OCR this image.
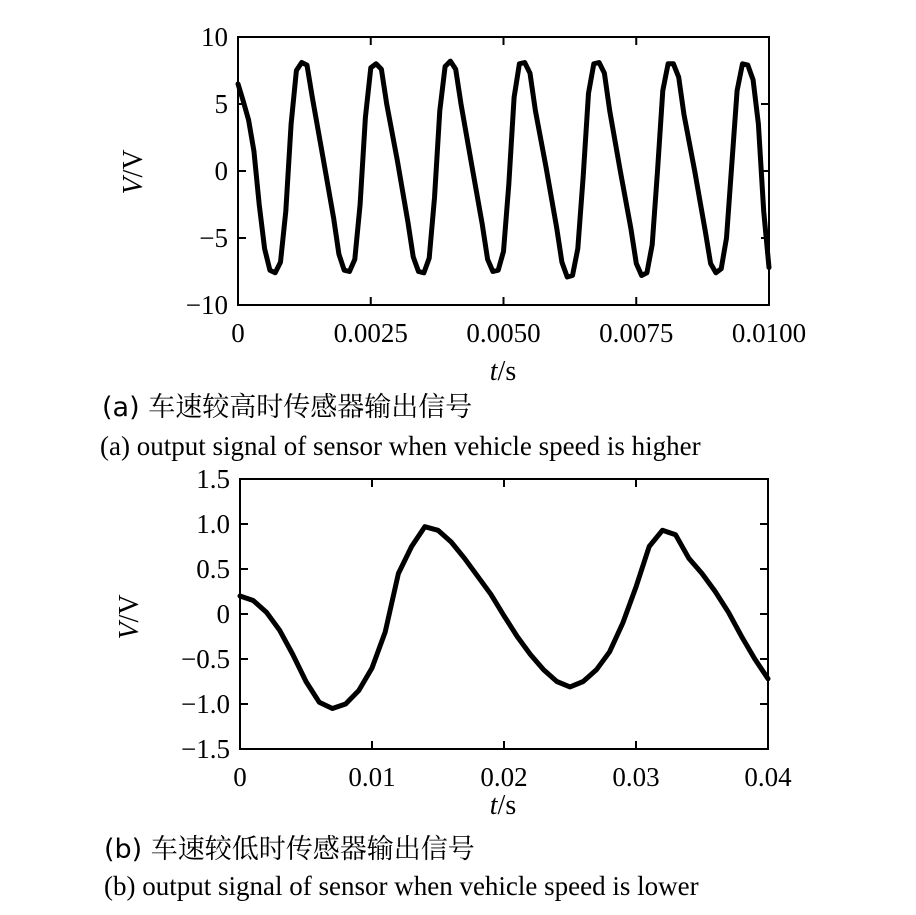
0	0.0025 0.0050 0.0075 0.0100
10
5
0
−5
−10
V/V
t/s
0	0.01	0.02	0.03	0.04
1.5
1.0
0.5
0
−0.5
−1.0
−1.5
V/V
t/s
(a) 车速较高时传感器输出信号
(a) output signal of sensor when vehicle speed is higher
(b) 车速较低时传感器输出信号
(b) output signal of sensor when vehicle speed is lower
